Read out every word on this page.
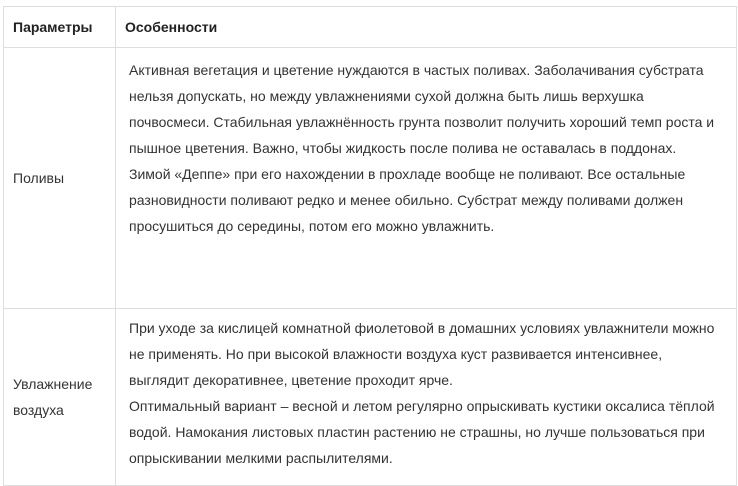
Параметры	Особенности
Поливы	Активная вегетация и цветение нуждаются в частых поливах. Заболачивания субстрата нельзя допускать, но между увлажнениями сухой должна быть лишь верхушка почвосмеси. Стабильная увлажнённость грунта позволит получить хороший темп роста и пышное цветения. Важно, чтобы жидкость после полива не оставалась в поддонах.
Зимой «Деппе» при его нахождении в прохладе вообще не поливают. Все остальные разновидности поливают редко и менее обильно. Субстрат между поливами должен просушиться до середины, потом его можно увлажнить.

Увлажнение воздуха	При уходе за кислицей комнатной фиолетовой в домашних условиях увлажнители можно не применять. Но при высокой влажности воздуха куст развивается интенсивнее, выглядит декоративнее, цветение проходит ярче.
Оптимальный вариант – весной и летом регулярно опрыскивать кустики оксалиса тёплой водой. Намокания листовых пластин растению не страшны, но лучше пользоваться при опрыскивании мелкими распылителями.
